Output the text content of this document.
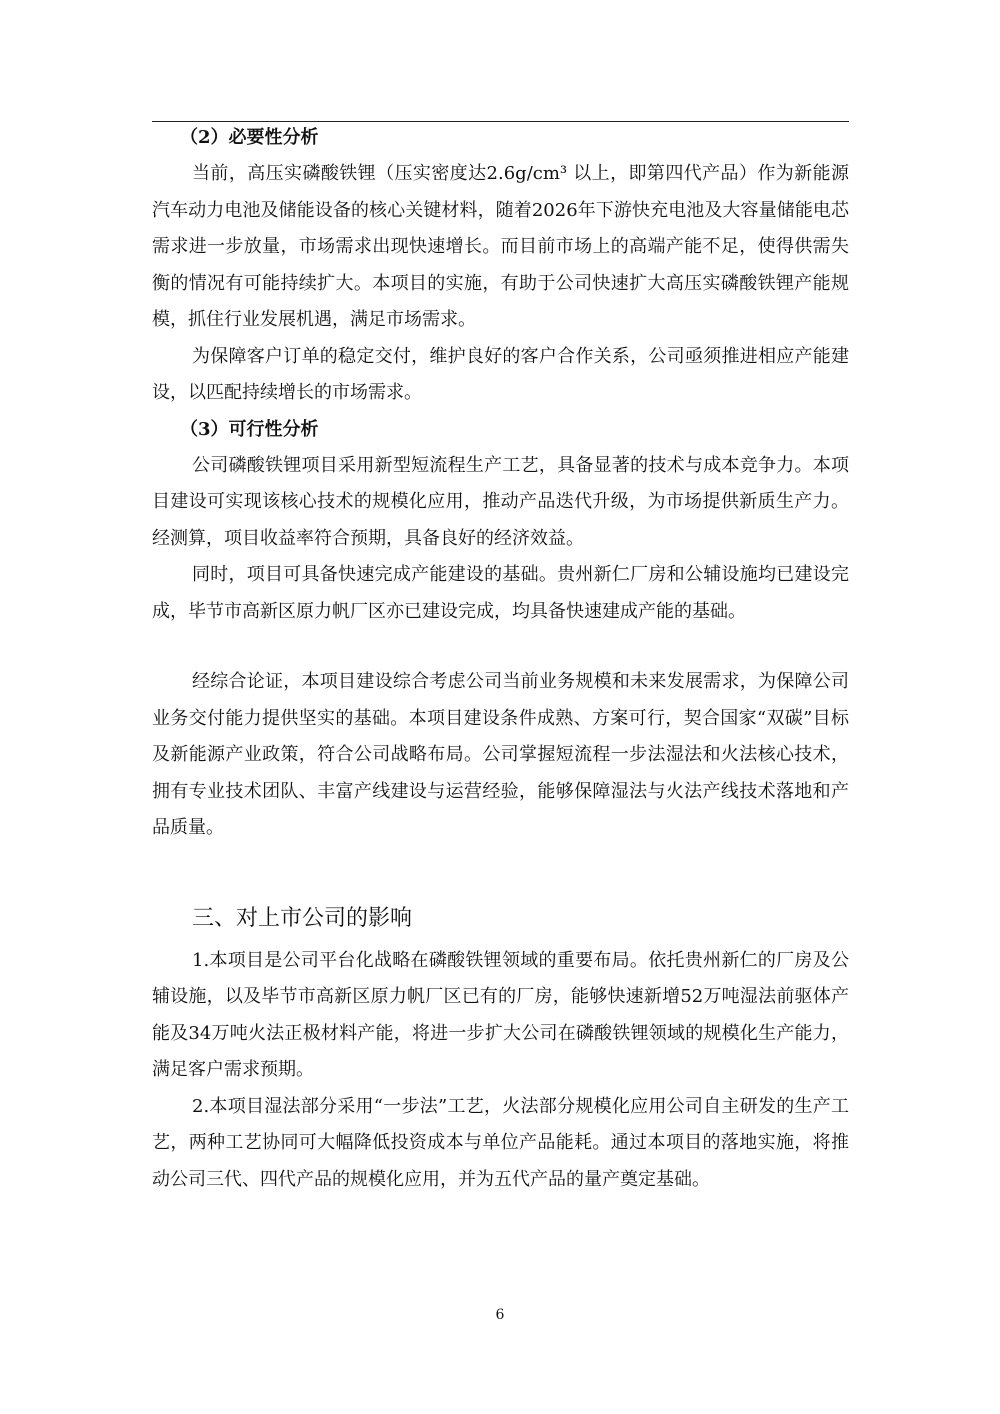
（2）必要性分析

当前，高压实磷酸铁锂（压实密度达2.6g/cm³ 以上，即第四代产品）作为新能源汽车动力电池及储能设备的核心关键材料，随着2026年下游快充电池及大容量储能电芯需求进一步放量，市场需求出现快速增长。而目前市场上的高端产能不足，使得供需失衡的情况有可能持续扩大。本项目的实施，有助于公司快速扩大高压实磷酸铁锂产能规模，抓住行业发展机遇，满足市场需求。

为保障客户订单的稳定交付，维护良好的客户合作关系，公司亟须推进相应产能建设，以匹配持续增长的市场需求。

（3）可行性分析

公司磷酸铁锂项目采用新型短流程生产工艺，具备显著的技术与成本竞争力。本项目建设可实现该核心技术的规模化应用，推动产品迭代升级，为市场提供新质生产力。经测算，项目收益率符合预期，具备良好的经济效益。

同时，项目可具备快速完成产能建设的基础。贵州新仁厂房和公辅设施均已建设完成，毕节市高新区原力帆厂区亦已建设完成，均具备快速建成产能的基础。

经综合论证，本项目建设综合考虑公司当前业务规模和未来发展需求，为保障公司业务交付能力提供坚实的基础。本项目建设条件成熟、方案可行，契合国家“双碳”目标及新能源产业政策，符合公司战略布局。公司掌握短流程一步法湿法和火法核心技术，拥有专业技术团队、丰富产线建设与运营经验，能够保障湿法与火法产线技术落地和产品质量。

三、对上市公司的影响

1.本项目是公司平台化战略在磷酸铁锂领域的重要布局。依托贵州新仁的厂房及公辅设施，以及毕节市高新区原力帆厂区已有的厂房，能够快速新增52万吨湿法前驱体产能及34万吨火法正极材料产能，将进一步扩大公司在磷酸铁锂领域的规模化生产能力，满足客户需求预期。

2.本项目湿法部分采用“一步法”工艺，火法部分规模化应用公司自主研发的生产工艺，两种工艺协同可大幅降低投资成本与单位产品能耗。通过本项目的落地实施，将推动公司三代、四代产品的规模化应用，并为五代产品的量产奠定基础。

6
